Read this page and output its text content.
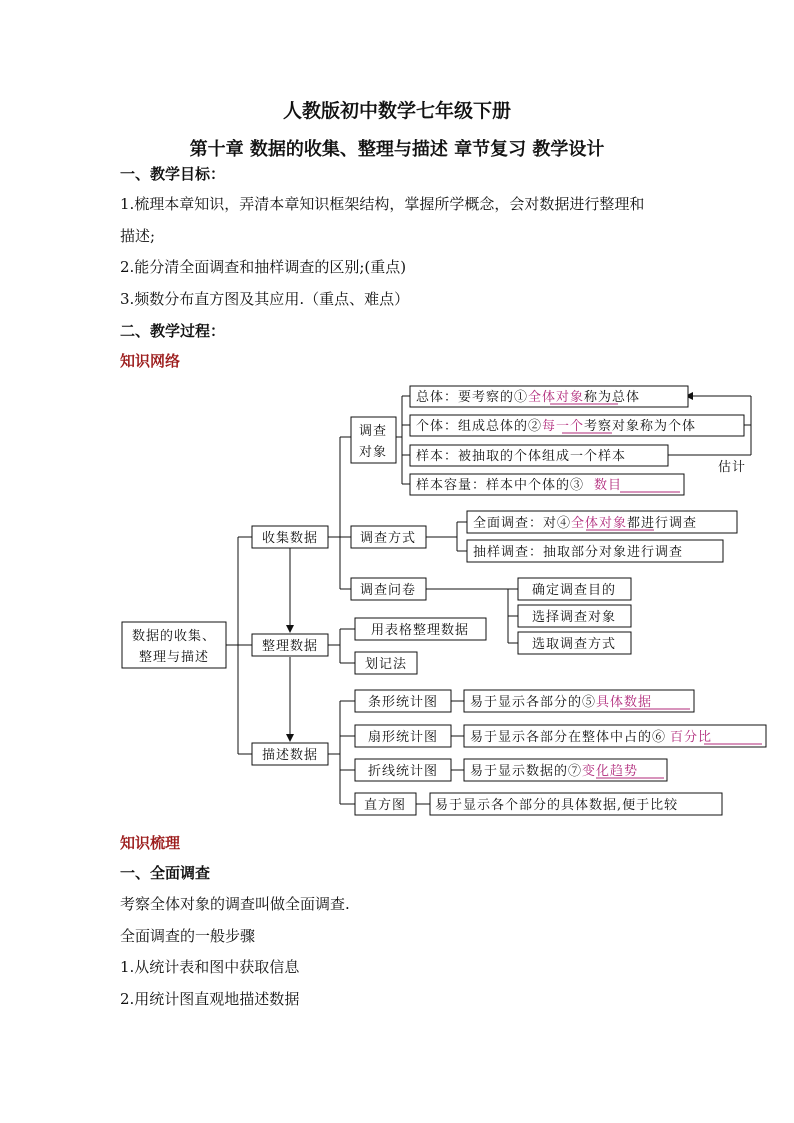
人教版初中数学七年级下册
第十章 数据的收集、整理与描述 章节复习 教学设计
一、教学目标：
1.梳理本章知识，弄清本章知识框架结构，掌握所学概念，会对数据进行整理和
描述;
2.能分清全面调查和抽样调查的区别;(重点)
3.频数分布直方图及其应用.（重点、难点）
二、教学过程：
知识网络
数据的收集、
整理与描述
收集数据
整理数据
描述数据
调查
对象
总体：要考察的①全体对象称为总体
个体：组成总体的②每一个考察对象称为个体
样本：被抽取的个体组成一个样本
样本容量：样本中个体的③ 数目
估计
调查方式
全面调查：对④全体对象都进行调查
抽样调查：抽取部分对象进行调查
调查问卷	确定调查目的
选择调查对象
选取调查方式
用表格整理数据
划记法
条形统计图 易于显示各部分的⑤具体数据
扇形统计图 易于显示各部分在整体中占的⑥ 百分比
折线统计图 易于显示数据的⑦变化趋势
直方图 易于显示各个部分的具体数据,便于比较
知识梳理
一、全面调查
考察全体对象的调查叫做全面调查.
全面调查的一般步骤
1.从统计表和图中获取信息
2.用统计图直观地描述数据
